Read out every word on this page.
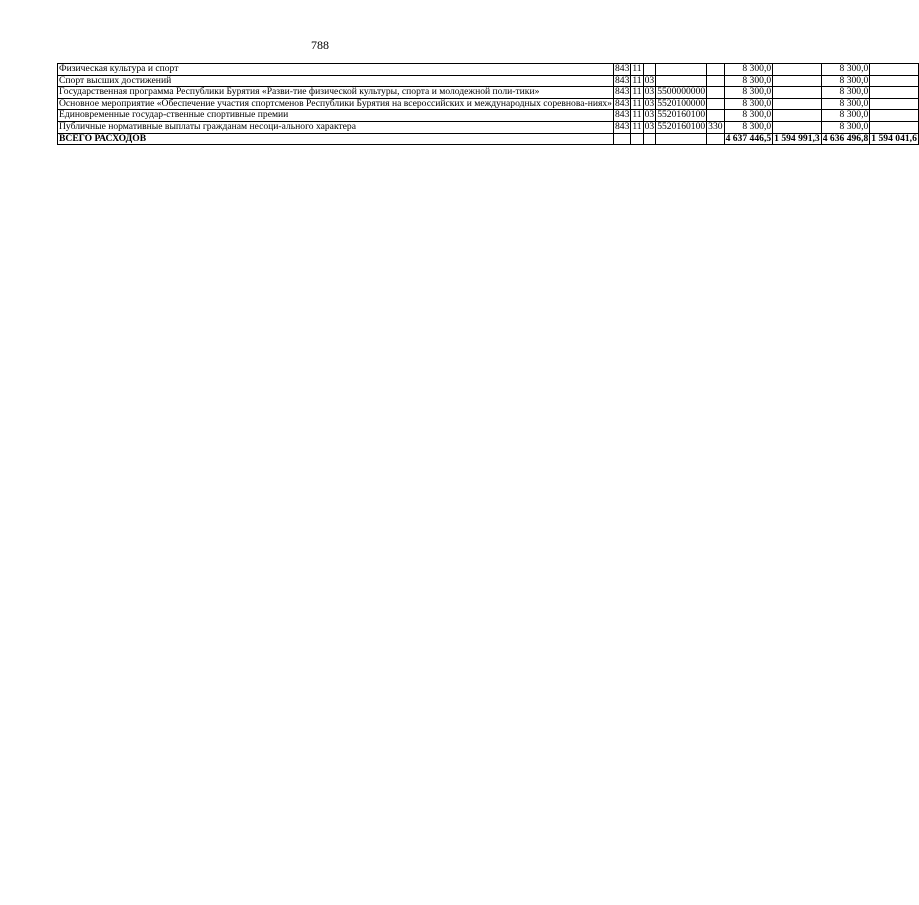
788
Физическая культура и спорт	843	11				8 300,0		8 300,0	
Спорт высших достижений	843	11	03			8 300,0		8 300,0	
Государственная программа Республики Бурятия «Разви-тие физической культуры, спорта и молодежной поли-тики»	843	11	03	5500000000		8 300,0		8 300,0	
Основное мероприятие «Обеспечение участия спортсменов Республики Бурятия на всероссийских и международных соревнова-ниях»	843	11	03	5520100000		8 300,0		8 300,0	
Единовременные государ-ственные спортивные премии	843	11	03	5520160100		8 300,0		8 300,0	
Публичные нормативные выплаты гражданам несоци-ального характера	843	11	03	5520160100	330	8 300,0		8 300,0	
ВСЕГО РАСХОДОВ						4 637 446,5	1 594 991,3	4 636 496,8	1 594 041,6
